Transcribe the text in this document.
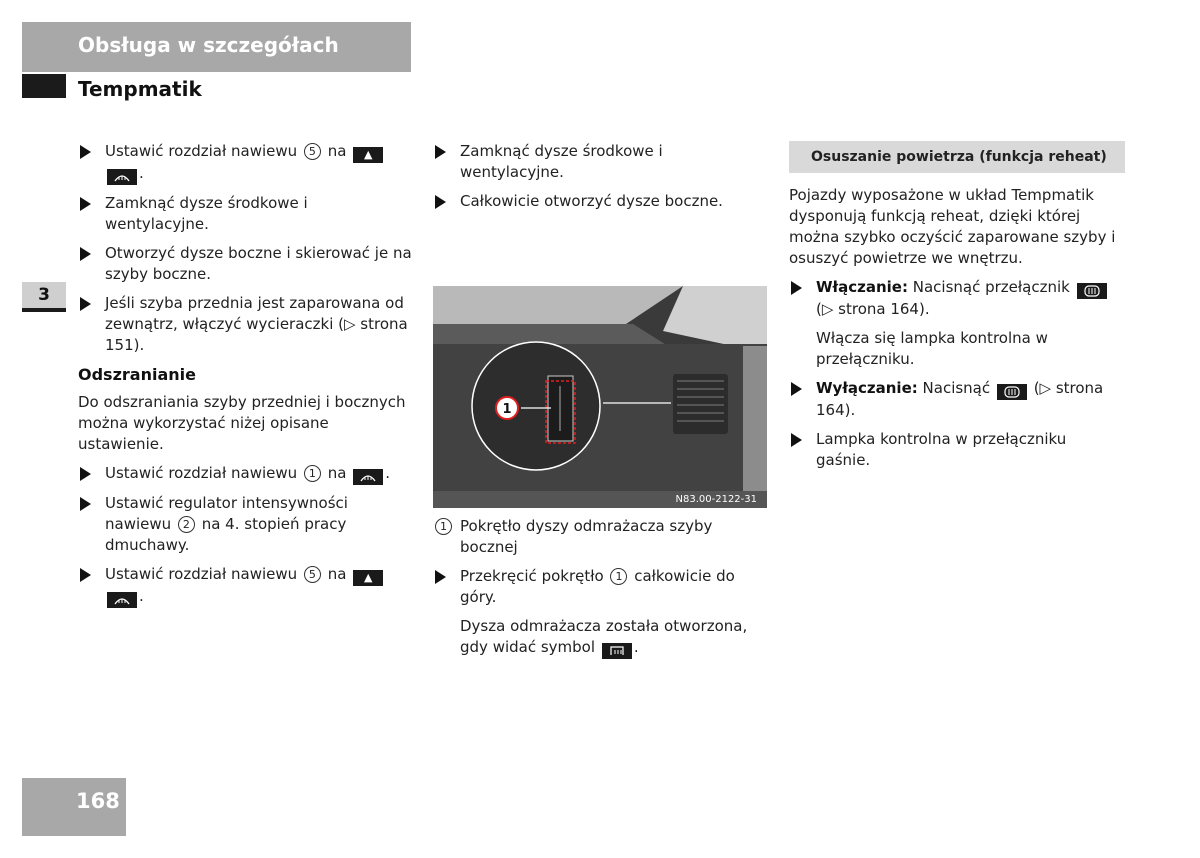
Obsługa w szczegółach
Tempmatik
3
Ustawić rozdział nawiewu 5 na ▲ .
Zamknąć dysze środkowe i wentylacyjne.
Otworzyć dysze boczne i skierować je na szyby boczne.
Jeśli szyba przednia jest zaparowana od zewnątrz, włączyć wycieraczki (▷ strona 151).
Odszranianie
Do odszraniania szyby przedniej i bocznych można wykorzystać niżej opisane ustawienie.
Ustawić rozdział nawiewu 1 na	.
Ustawić regulator intensywności nawiewu 2 na 4. stopień pracy dmuchawy.
Ustawić rozdział nawiewu 5 na ▲ .
Zamknąć dysze środkowe i wentylacyjne.
Całkowicie otworzyć dysze boczne.
1
N83.00-2122-31
1 Pokrętło dyszy odmrażacza szyby bocznej
Przekręcić pokrętło 1 całkowicie do góry.
Dysza odmrażacza została otworzona, gdy widać symbol	.
Osuszanie powietrza (funkcja reheat)
Pojazdy wyposażone w układ Tempmatik dysponują funkcją reheat, dzięki której można szybko oczyścić zaparowane szyby i osuszyć powietrze we wnętrzu.
Włączanie: Nacisnąć przełącznik  (▷ strona 164).
Włącza się lampka kontrolna w przełączniku.
Wyłączanie: Nacisnąć	(▷ strona 164).
Lampka kontrolna w przełączniku gaśnie.
168
